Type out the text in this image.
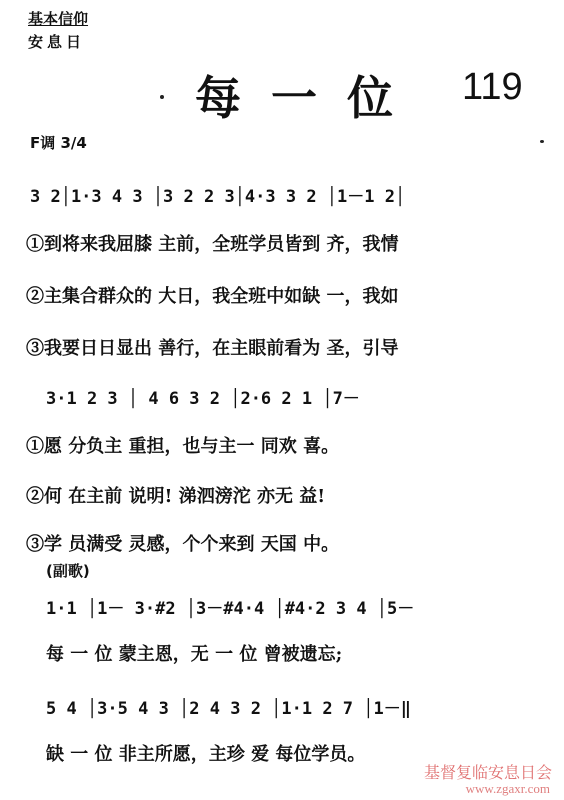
基本信仰
安息日
每一位 119
F调 3/4
3 2│1·3 4 3 │3 2 2 3│4·3 3 2 │1－1 2│
①到将来我屈膝 主前，全班学员皆到 齐，我情
②主集合群众的 大日，我全班中如缺 一，我如
③我要日日显出 善行，在主眼前看为 圣，引导
3·1 2 3 │ 4 6 3 2 │2·6 2 1 │7－
①愿 分负主 重担，也与主一 同欢 喜。
②何 在主前 说明! 涕泗滂沱 亦无 益!
③学 员满受 灵感，个个来到 天国 中。
(副歌)
1·1 │1－ 3·#2 │3－#4·4 │#4·2 3 4 │5－
每 一 位 蒙主恩，无 一 位 曾被遗忘;
5 4 │3·5 4 3 │2 4 3 2 │1·1 2 7 │1－‖
缺 一 位 非主所愿，主珍 爱 每位学员。
基督复临安息日会
www.zgaxr.com
